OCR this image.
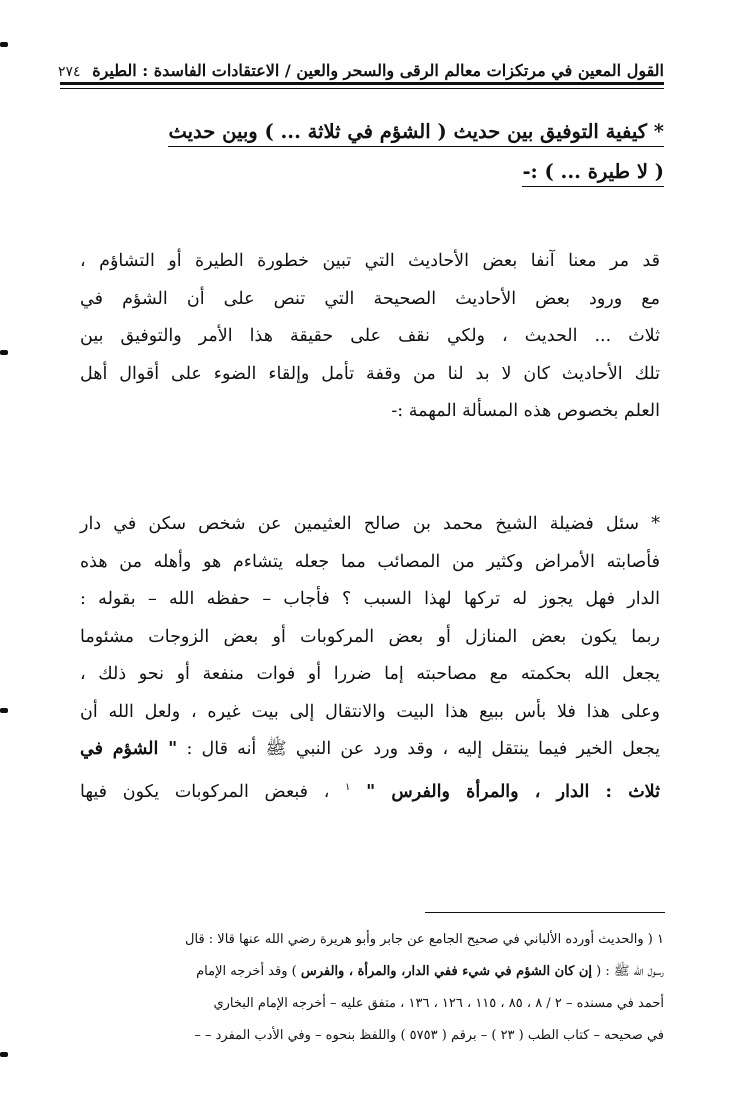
القول المعين في مرتكزات معالم الرقى والسحر والعين / الاعتقادات الفاسدة : الطيرة
٢٧٤
* كيفية التوفيق بين حديث ( الشؤم في ثلاثة ... ) وبين حديث
( لا طيرة ... ) :-
قد مر معنا آنفا بعض الأحاديث التي تبين خطورة الطيرة أو التشاؤم ،
مع ورود بعض الأحاديث الصحيحة التي تنص على أن الشؤم في
ثلاث ... الحديث ، ولكي نقف على حقيقة هذا الأمر والتوفيق بين
تلك الأحاديث كان لا بد لنا من وقفة تأمل وإلقاء الضوء على أقوال أهل
العلم بخصوص هذه المسألة المهمة :-
* سئل فضيلة الشيخ محمد بن صالح العثيمين عن شخص سكن في دار
فأصابته الأمراض وكثير من المصائب مما جعله يتشاءم هو وأهله من هذه
الدار فهل يجوز له تركها لهذا السبب ؟ فأجاب – حفظه الله – بقوله :
ربما يكون بعض المنازل أو بعض المركوبات أو بعض الزوجات مشئوما
يجعل الله بحكمته مع مصاحبته إما ضررا أو فوات منفعة أو نحو ذلك ،
وعلى هذا فلا بأس ببيع هذا البيت والانتقال إلى بيت غيره ، ولعل الله أن
يجعل الخير فيما ينتقل إليه ، وقد ورد عن النبي ﷺ أنه قال : " الشؤم في
ثلاث : الدار ، والمرأة والفرس " $^١$ ، فبعض المركوبات يكون فيها
١ ( والحديث أورده الألباني في صحيح الجامع عن جابر وأبو هريرة رضي الله عنها قالا : قال
رسول الله ﷺ : ( إن كان الشؤم في شيء ففي الدار، والمرأة ، والفرس ) وقد أخرجه الإمام
أحمد في مسنده – ٢ / ٨ ، ٨٥ ، ١١٥ ، ١٢٦ ، ١٣٦ ، متفق عليه – أخرجه الإمام البخاري
في صحيحه – كتاب الطب ( ٢٣ ) – برقم ( ٥٧٥٣ ) واللفظ بنحوه – وفي الأدب المفرد – –
